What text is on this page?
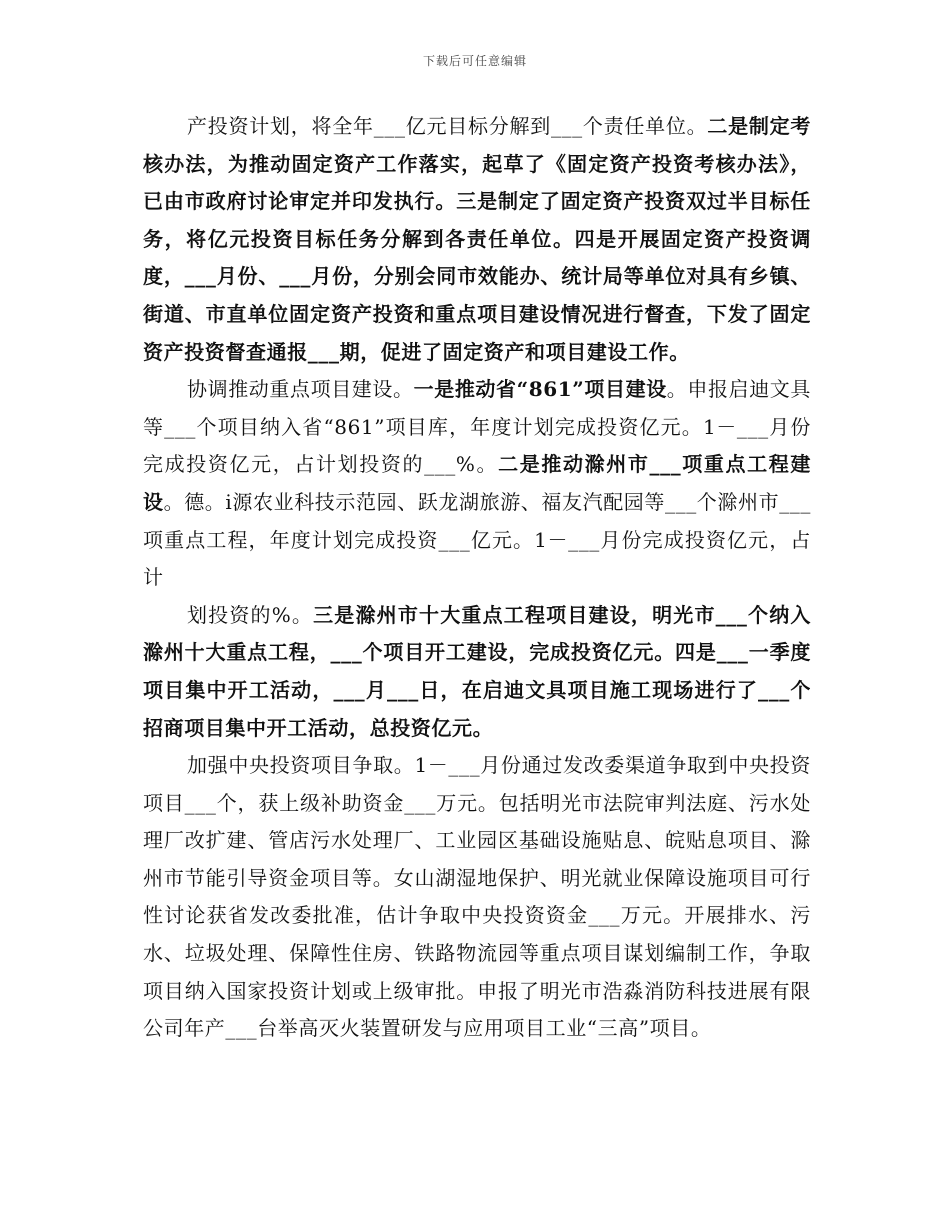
下载后可任意编辑

产投资计划，将全年___亿元目标分解到___个责任单位。二是制定考核办法，为推动固定资产工作落实，起草了《固定资产投资考核办法》，已由市政府讨论审定并印发执行。三是制定了固定资产投资双过半目标任务，将亿元投资目标任务分解到各责任单位。四是开展固定资产投资调度，___月份、___月份，分别会同市效能办、统计局等单位对具有乡镇、街道、市直单位固定资产投资和重点项目建设情况进行督查，下发了固定资产投资督查通报___期，促进了固定资产和项目建设工作。

协调推动重点项目建设。一是推动省“861”项目建设。申报启迪文具等___个项目纳入省“861”项目库，年度计划完成投资亿元。1－___月份完成投资亿元，占计划投资的___%。二是推动滁州市___项重点工程建设。德。i源农业科技示范园、跃龙湖旅游、福友汽配园等___个滁州市___项重点工程，年度计划完成投资___亿元。1－___月份完成投资亿元，占计

划投资的%。三是滁州市十大重点工程项目建设，明光市___个纳入滁州十大重点工程，___个项目开工建设，完成投资亿元。四是___一季度项目集中开工活动，___月___日，在启迪文具项目施工现场进行了___个招商项目集中开工活动，总投资亿元。

加强中央投资项目争取。1－___月份通过发改委渠道争取到中央投资项目___个，获上级补助资金___万元。包括明光市法院审判法庭、污水处理厂改扩建、管店污水处理厂、工业园区基础设施贴息、皖贴息项目、滁州市节能引导资金项目等。女山湖湿地保护、明光就业保障设施项目可行性讨论获省发改委批准，估计争取中央投资资金___万元。开展排水、污水、垃圾处理、保障性住房、铁路物流园等重点项目谋划编制工作，争取项目纳入国家投资计划或上级审批。申报了明光市浩淼消防科技进展有限公司年产___台举高灭火装置研发与应用项目工业“三高”项目。
